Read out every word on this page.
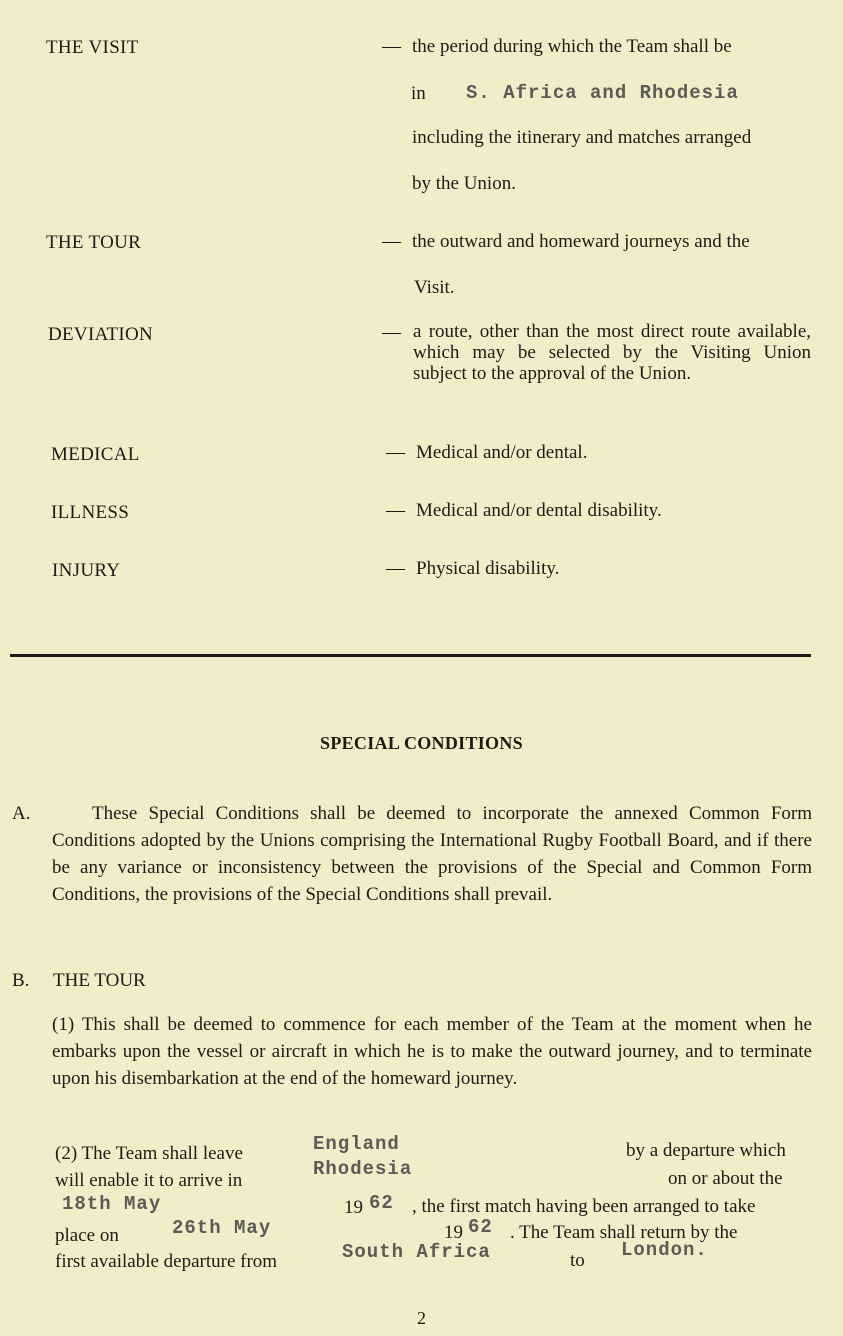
THE VISIT	— the period during which the Team shall be
in S. Africa and Rhodesia
including the itinerary and matches arranged
by the Union.
THE TOUR	— the outward and homeward journeys and the
Visit.
DEVIATION	— a route, other than the most direct route available, which may be selected by the Visiting Union subject to the approval of the Union.
MEDICAL	— Medical and/or dental.
ILLNESS	— Medical and/or dental disability.
INJURY	— Physical disability.
SPECIAL CONDITIONS
A.	These Special Conditions shall be deemed to incorporate the annexed Common Form Conditions adopted by the Unions comprising the International Rugby Football Board, and if there be any variance or inconsistency between the provisions of the Special and Common Form Conditions, the provisions of the Special Conditions shall prevail.
B. THE TOUR
(1) This shall be deemed to commence for each member of the Team at the moment when he embarks upon the vessel or aircraft in which he is to make the outward journey, and to terminate upon his disembarkation at the end of the homeward journey.
(2) The Team shall leave	England	by a departure which
will enable it to arrive in
Rhodesia	on or about the
18th May	19 62 , the first match having been arranged to take
place on	26th May	19 62 . The Team shall return by the
first available departure from	South Africa	to London.
2
